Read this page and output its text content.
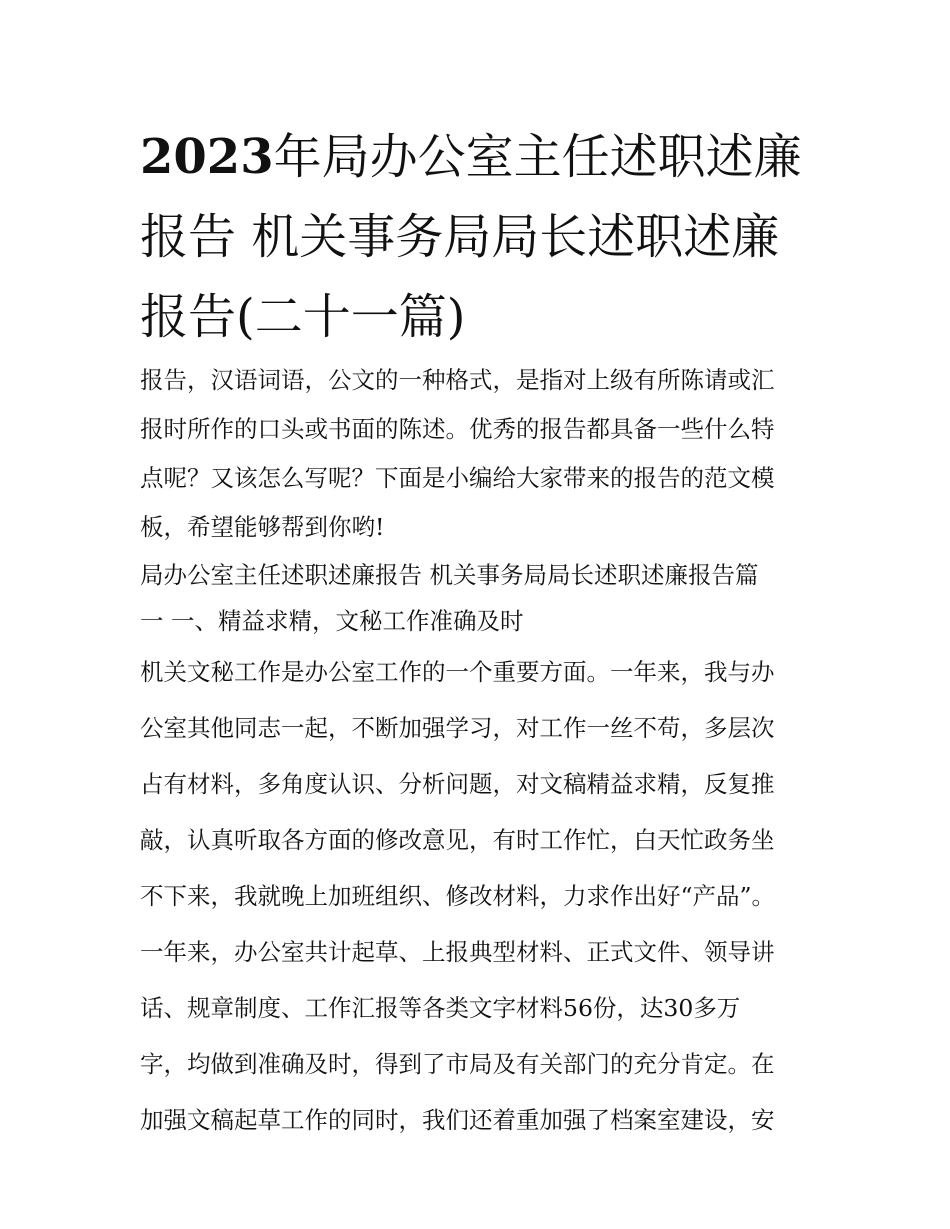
2023年局办公室主任述职述廉
报告 机关事务局局长述职述廉
报告(二十一篇)
报告，汉语词语，公文的一种格式，是指对上级有所陈请或汇
报时所作的口头或书面的陈述。优秀的报告都具备一些什么特
点呢？又该怎么写呢？下面是小编给大家带来的报告的范文模
板，希望能够帮到你哟!
局办公室主任述职述廉报告 机关事务局局长述职述廉报告篇
一 一、精益求精，文秘工作准确及时
机关文秘工作是办公室工作的一个重要方面。一年来，我与办
公室其他同志一起，不断加强学习，对工作一丝不苟，多层次
占有材料，多角度认识、分析问题，对文稿精益求精，反复推
敲，认真听取各方面的修改意见，有时工作忙，白天忙政务坐
不下来，我就晚上加班组织、修改材料，力求作出好“产品”。
一年来，办公室共计起草、上报典型材料、正式文件、领导讲
话、规章制度、工作汇报等各类文字材料56份，达30多万
字，均做到准确及时，得到了市局及有关部门的充分肯定。在
加强文稿起草工作的同时，我们还着重加强了档案室建设，安
